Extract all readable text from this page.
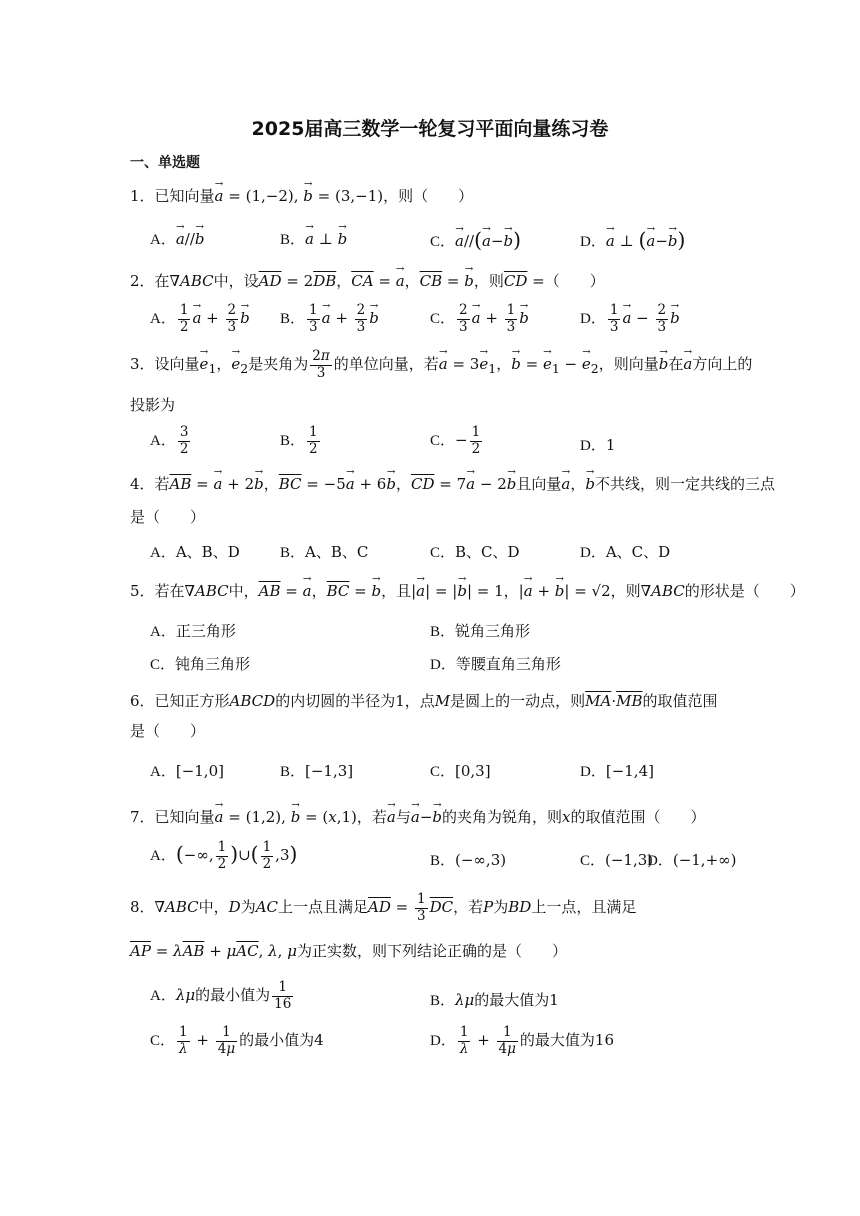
2025届高三数学一轮复习平面向量练习卷
一、单选题
1．已知向量a → = (1,−2), b → = (3,−1)，则（　　）
A．a →//b →	B．a → ⊥ b →	C．a →//(a →−b →)	D．a → ⊥ (a →−b →)
2．在∇ABC中，设$\overline{AD} = 2\overline{DB}$，$\overline{CA} = a$ →，$\overline{CB} = b$ →，则$\overline{CD}$ =（　　）
A． $\frac{1}{2}$ a → + $\frac{2}{3}$ b → B． $\frac{1}{3}$ a → + $\frac{2}{3}$ b →	C． $\frac{2}{3}$ a → + $\frac{1}{3}$ b →	D． $\frac{1}{3}$ a → − $\frac{2}{3}$ b →
3．设向量$e \to_1$，$e \to_2$是夹角为 $\frac{2\pi}{3}$ 的单位向量，若a → = $3e \to_1$，b → = $e \to_1 - e \to_2$，则向量b →在a →方向上的
投影为
A． $\frac{3}{2}$	B． $\frac{1}{2}$	C．− $\frac{1}{2}$	D．1
4．若$\overline{AB} = a$ → + 2b →，$\overline{BC} = -5a$ → + 6b →，$\overline{CD} = 7a$ → − 2b →且向量a →，b →不共线，则一定共线的三点
是（　　）
A．A、B、D	B．A、B、C	C．B、C、D	D．A、C、D
5．若在∇ABC中，$\overline{AB} = a$ →，$\overline{BC} = b$ →，且|a →| = |b →| = 1，|a → + b →| = √2，则∇ABC的形状是（　　）
A．正三角形	B．锐角三角形
C．钝角三角形	D．等腰直角三角形
6．已知正方形ABCD的内切圆的半径为1，点M是圆上的一动点，则$\overline{MA}\cdot\overline{MB}$的取值范围
是（　　）
A．[−1,0]	B．[−1,3]	C．[0,3]	D．[−1,4]
7．已知向量a → = (1,2), b → = (x,1)，若a →与a →−b →的夹角为锐角，则x的取值范围（　　）
A．(−∞, $\frac{1}{2}$ )∪( $\frac{1}{2} ,3$)	B．(−∞,3)	C．(−1,3)
D．(−1,+∞)
8．∇ABC中，D为AC上一点且满足$\overline{AD} = \frac{1}{3} \overline{DC}$，若P为BD上一点，且满足
$\overline{AP} = \lambda\overline{AB} + \mu\overline{AC}$, λ, μ为正实数，则下列结论正确的是（　　）
A．λμ的最小值为 $\frac{1}{16}$	B．λμ的最大值为1
C． $\frac{1}{\lambda} + \frac{1}{4\mu}$ 的最小值为4	D． $\frac{1}{\lambda} + \frac{1}{4\mu}$ 的最大值为16
